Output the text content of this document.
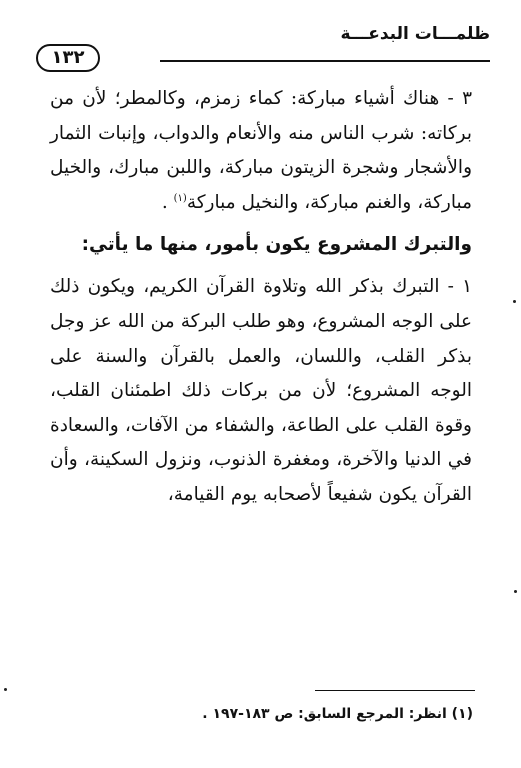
ظلمـــات البدعـــة
١٣٢

٣ - هناك أشياء مباركة: كماء زمزم، وكالمطر؛ لأن من بركاته: شرب الناس منه والأنعام والدواب، وإنبات الثمار والأشجار وشجرة الزيتون مباركة، واللبن مبارك، والخيل مباركة، والغنم مباركة، والنخيل مباركة$^{(١)}$ .

والتبرك المشروع يكون بأمور، منها ما يأتي:

١ - التبرك بذكر الله وتلاوة القرآن الكريم، ويكون ذلك على الوجه المشروع، وهو طلب البركة من الله عز وجل بذكر القلب، واللسان، والعمل بالقرآن والسنة على الوجه المشروع؛ لأن من بركات ذلك اطمئنان القلب، وقوة القلب على الطاعة، والشفاء من الآفات، والسعادة في الدنيا والآخرة، ومغفرة الذنوب، ونزول السكينة، وأن القرآن يكون شفيعاً لأصحابه يوم القيامة،

(١) انظر: المرجع السابق: ص ١٨٣-١٩٧ .
